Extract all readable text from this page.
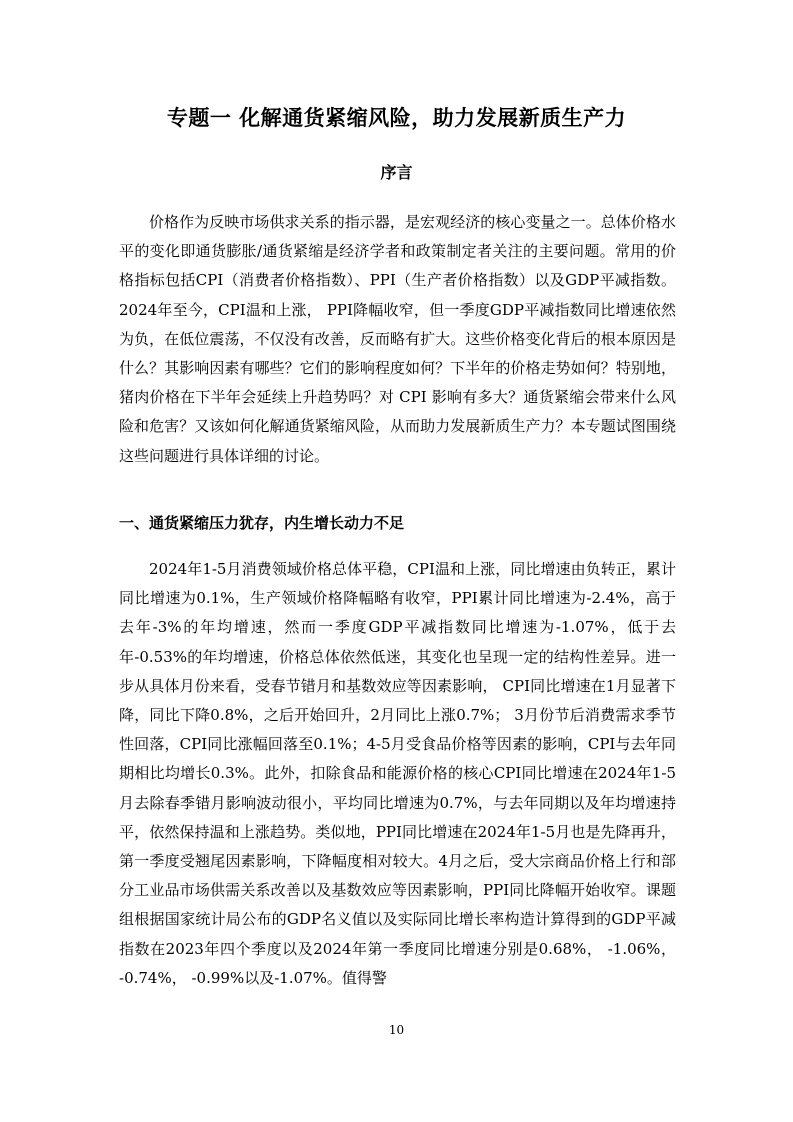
专题一 化解通货紧缩风险，助力发展新质生产力
序言

价格作为反映市场供求关系的指示器，是宏观经济的核心变量之一。总体价格水平的变化即通货膨胀/通货紧缩是经济学者和政策制定者关注的主要问题。常用的价格指标包括CPI（消费者价格指数）、PPI（生产者价格指数）以及GDP平减指数。2024年至今，CPI温和上涨， PPI降幅收窄，但一季度GDP平减指数同比增速依然为负，在低位震荡，不仅没有改善，反而略有扩大。这些价格变化背后的根本原因是什么？其影响因素有哪些？它们的影响程度如何？下半年的价格走势如何？特别地，猪肉价格在下半年会延续上升趋势吗？对 CPI 影响有多大？通货紧缩会带来什么风险和危害？又该如何化解通货紧缩风险，从而助力发展新质生产力？本专题试图围绕这些问题进行具体详细的讨论。

一、通货紧缩压力犹存，内生增长动力不足

2024年1-5月消费领域价格总体平稳，CPI温和上涨，同比增速由负转正，累计同比增速为0.1%，生产领域价格降幅略有收窄，PPI累计同比增速为-2.4%，高于去年-3%的年均增速，然而一季度GDP平减指数同比增速为-1.07%，低于去年-0.53%的年均增速，价格总体依然低迷，其变化也呈现一定的结构性差异。进一步从具体月份来看，受春节错月和基数效应等因素影响， CPI同比增速在1月显著下降，同比下降0.8%，之后开始回升，2月同比上涨0.7%； 3月份节后消费需求季节性回落，CPI同比涨幅回落至0.1%；4-5月受食品价格等因素的影响，CPI与去年同期相比均增长0.3%。此外，扣除食品和能源价格的核心CPI同比增速在2024年1-5月去除春季错月影响波动很小，平均同比增速为0.7%，与去年同期以及年均增速持平，依然保持温和上涨趋势。类似地，PPI同比增速在2024年1-5月也是先降再升，第一季度受翘尾因素影响，下降幅度相对较大。4月之后，受大宗商品价格上行和部分工业品市场供需关系改善以及基数效应等因素影响，PPI同比降幅开始收窄。课题组根据国家统计局公布的GDP名义值以及实际同比增长率构造计算得到的GDP平减指数在2023年四个季度以及2024年第一季度同比增速分别是0.68%， -1.06%， -0.74%， -0.99%以及-1.07%。值得警

10
